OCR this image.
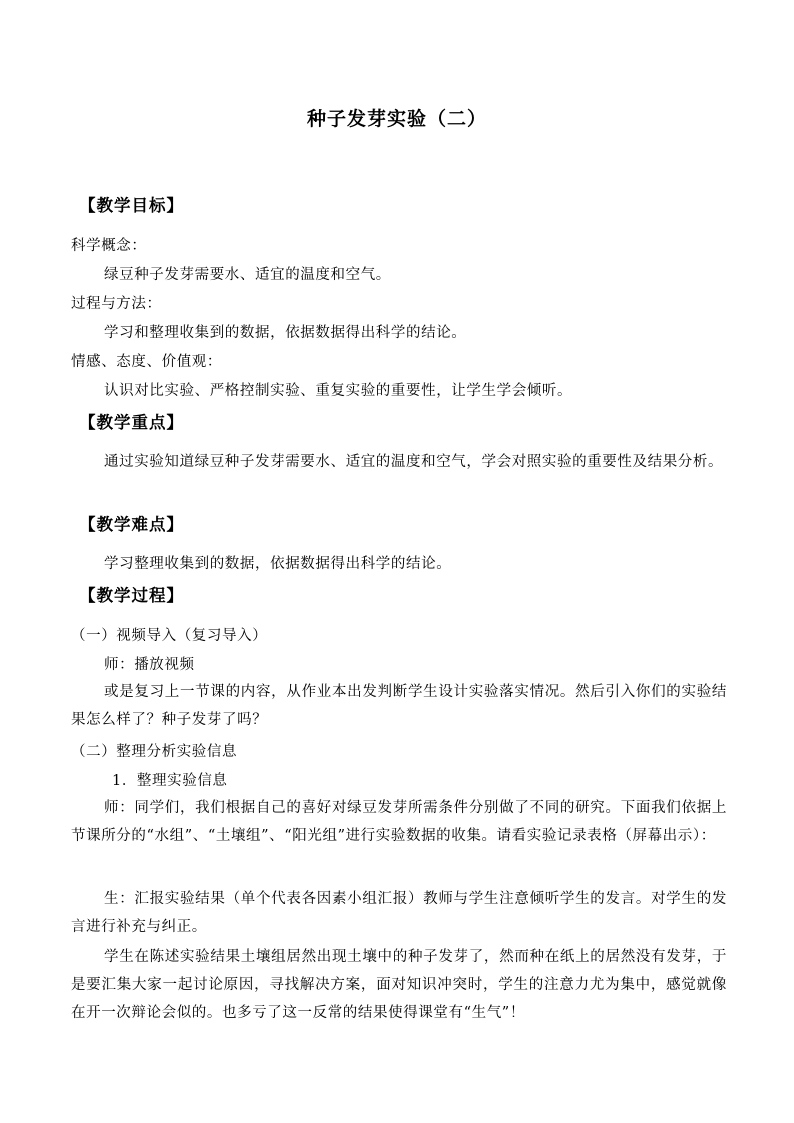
种子发芽实验（二）
【教学目标】
科学概念：
绿豆种子发芽需要水、适宜的温度和空气。
过程与方法：
学习和整理收集到的数据，依据数据得出科学的结论。
情感、态度、价值观：
认识对比实验、严格控制实验、重复实验的重要性，让学生学会倾听。
【教学重点】
通过实验知道绿豆种子发芽需要水、适宜的温度和空气，学会对照实验的重要性及结果分析。
【教学难点】
学习整理收集到的数据，依据数据得出科学的结论。
【教学过程】
（一）视频导入（复习导入）
师：播放视频
或是复习上一节课的内容，从作业本出发判断学生设计实验落实情况。然后引入你们的实验结果怎么样了？种子发芽了吗？
（二）整理分析实验信息
1．整理实验信息
师：同学们，我们根据自己的喜好对绿豆发芽所需条件分别做了不同的研究。下面我们依据上节课所分的“水组”、“土壤组”、“阳光组”进行实验数据的收集。请看实验记录表格（屏幕出示）：
生：汇报实验结果（单个代表各因素小组汇报）教师与学生注意倾听学生的发言。对学生的发言进行补充与纠正。
学生在陈述实验结果土壤组居然出现土壤中的种子发芽了，然而种在纸上的居然没有发芽，于是要汇集大家一起讨论原因，寻找解决方案，面对知识冲突时，学生的注意力尤为集中，感觉就像在开一次辩论会似的。也多亏了这一反常的结果使得课堂有“生气”！
